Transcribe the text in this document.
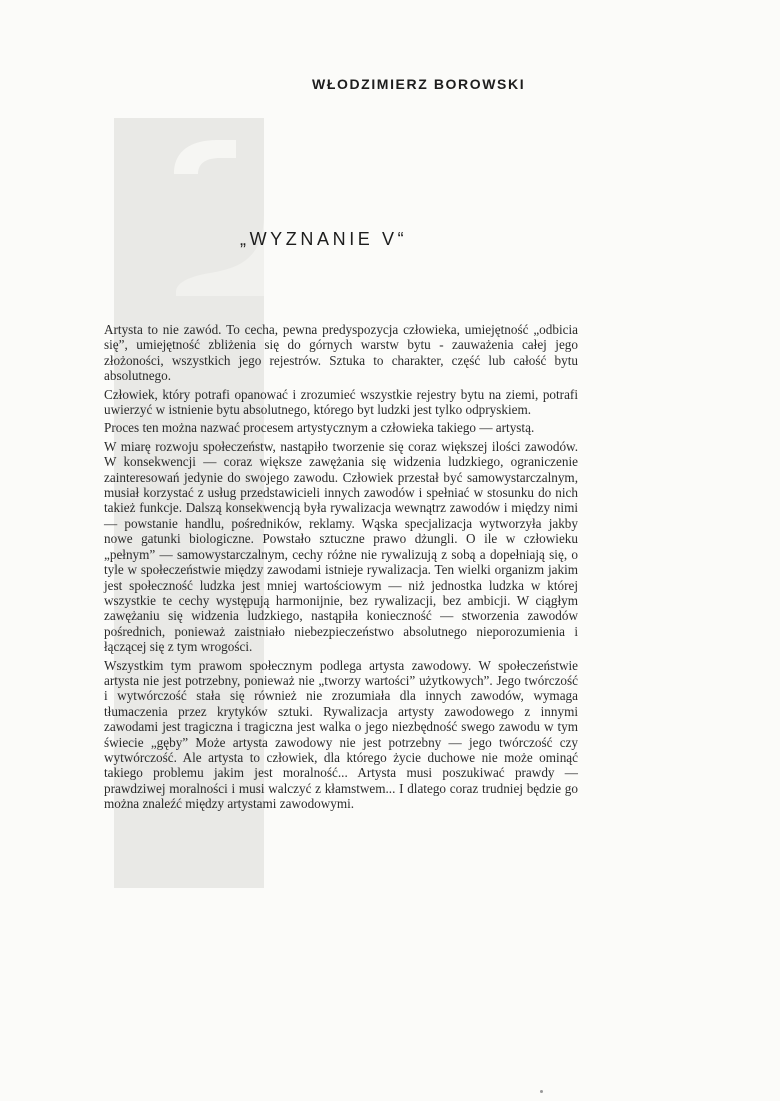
WŁODZIMIERZ BOROWSKI
„WYZNANIE V“

Artysta to nie zawód. To cecha, pewna predyspozycja człowieka, umiejętność „odbicia się”, umiejętność zbliżenia się do górnych warstw bytu - zauważenia całej jego złożoności, wszystkich jego rejestrów. Sztuka to charakter, część lub całość bytu absolutnego.

Człowiek, który potrafi opanować i zrozumieć wszystkie rejestry bytu na ziemi, potrafi uwierzyć w istnienie bytu absolutnego, którego byt ludzki jest tylko odpryskiem.

Proces ten można nazwać procesem artystycznym a człowieka takiego — artystą.

W miarę rozwoju społeczeństw, nastąpiło tworzenie się coraz większej ilości zawodów. W konsekwencji — coraz większe zawężania się widzenia ludzkiego, ograniczenie zainteresowań jedynie do swojego zawodu. Człowiek przestał być samowystarczalnym, musiał korzystać z usług przedstawicieli innych zawodów i spełniać w stosunku do nich takież funkcje. Dalszą konsekwencją była rywalizacja wewnątrz zawodów i między nimi — powstanie handlu, pośredników, reklamy. Wąska specjalizacja wytworzyła jakby nowe gatunki biologiczne. Powstało sztuczne prawo dżungli. O ile w człowieku „pełnym” — samowystarczalnym, cechy różne nie rywalizują z sobą a dopełniają się, o tyle w społeczeństwie między zawodami istnieje rywalizacja. Ten wielki organizm jakim jest społeczność ludzka jest mniej wartościowym — niż jednostka ludzka w której wszystkie te cechy występują harmonijnie, bez rywalizacji, bez ambicji. W ciągłym zawężaniu się widzenia ludzkiego, nastąpiła konieczność — stworzenia zawodów pośrednich, ponieważ zaistniało niebezpieczeństwo absolutnego nieporozumienia i łączącej się z tym wrogości.

Wszystkim tym prawom społecznym podlega artysta zawodowy. W społeczeństwie artysta nie jest potrzebny, ponieważ nie „tworzy wartości” użytkowych”. Jego twórczość i wytwórczość stała się również nie zrozumiała dla innych zawodów, wymaga tłumaczenia przez krytyków sztuki. Rywalizacja artysty zawodowego z innymi zawodami jest tragiczna i tragiczna jest walka o jego niezbędność swego zawodu w tym świecie „gęby” Może artysta zawodowy nie jest potrzebny — jego twórczość czy wytwórczość. Ale artysta to człowiek, dla którego życie duchowe nie może ominąć takiego problemu jakim jest moralność... Artysta musi poszukiwać prawdy — prawdziwej moralności i musi walczyć z kłamstwem... I dlatego coraz trudniej będzie go można znaleźć między artystami zawodowymi.
